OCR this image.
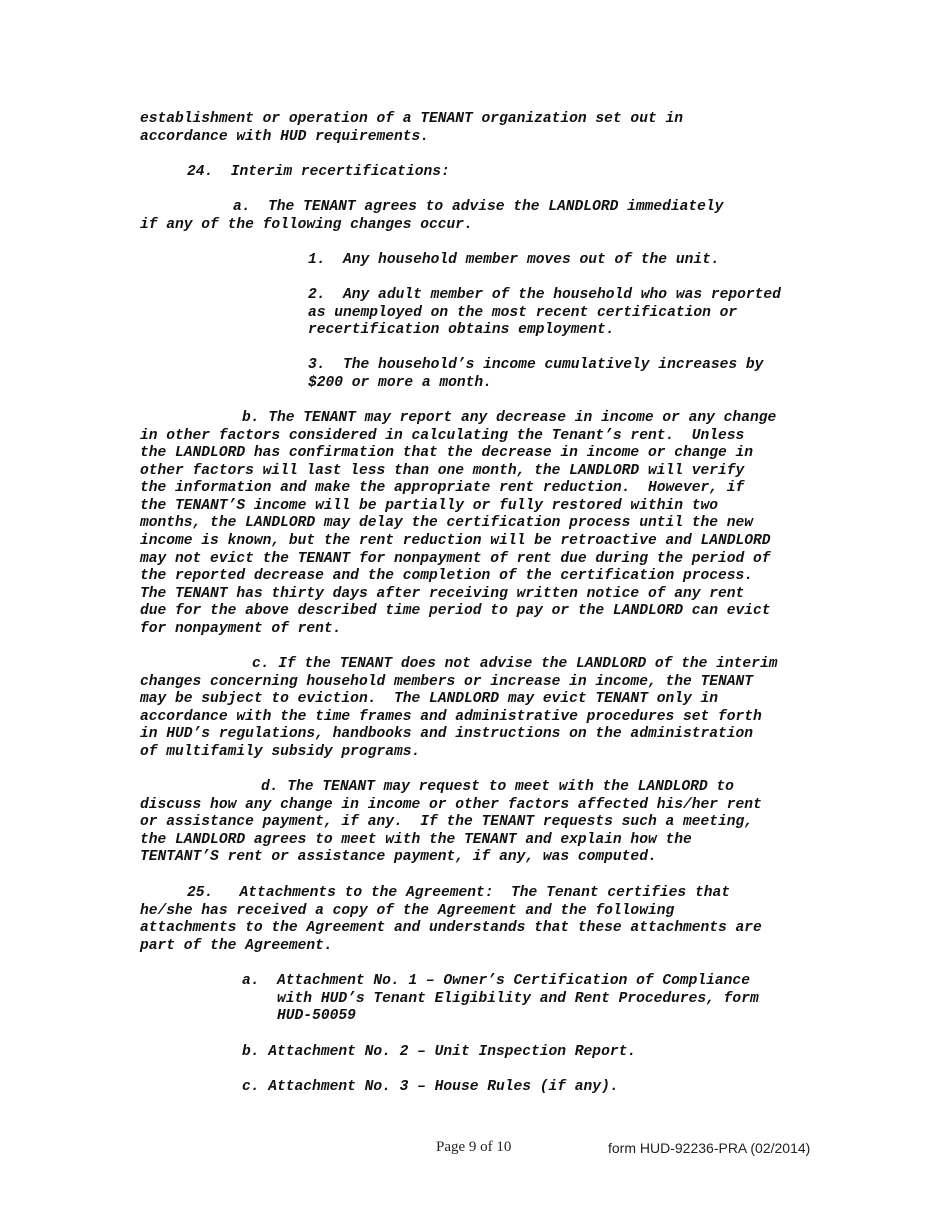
establishment or operation of a TENANT organization set out in
accordance with HUD requirements.
24.  Interim recertifications:
a.  The TENANT agrees to advise the LANDLORD immediately
if any of the following changes occur.
1.  Any household member moves out of the unit.
2.  Any adult member of the household who was reported
as unemployed on the most recent certification or
recertification obtains employment.
3.  The household’s income cumulatively increases by
$200 or more a month.
b. The TENANT may report any decrease in income or any change
in other factors considered in calculating the Tenant’s rent.  Unless
the LANDLORD has confirmation that the decrease in income or change in
other factors will last less than one month, the LANDLORD will verify
the information and make the appropriate rent reduction.  However, if
the TENANT’S income will be partially or fully restored within two
months, the LANDLORD may delay the certification process until the new
income is known, but the rent reduction will be retroactive and LANDLORD
may not evict the TENANT for nonpayment of rent due during the period of
the reported decrease and the completion of the certification process.
The TENANT has thirty days after receiving written notice of any rent
due for the above described time period to pay or the LANDLORD can evict
for nonpayment of rent.
c. If the TENANT does not advise the LANDLORD of the interim
changes concerning household members or increase in income, the TENANT
may be subject to eviction.  The LANDLORD may evict TENANT only in
accordance with the time frames and administrative procedures set forth
in HUD’s regulations, handbooks and instructions on the administration
of multifamily subsidy programs.
d. The TENANT may request to meet with the LANDLORD to
discuss how any change in income or other factors affected his/her rent
or assistance payment, if any.  If the TENANT requests such a meeting,
the LANDLORD agrees to meet with the TENANT and explain how the
TENTANT’S rent or assistance payment, if any, was computed.
25.   Attachments to the Agreement:  The Tenant certifies that
he/she has received a copy of the Agreement and the following
attachments to the Agreement and understands that these attachments are
part of the Agreement.
a.  Attachment No. 1 – Owner’s Certification of Compliance
with HUD’s Tenant Eligibility and Rent Procedures, form
HUD-50059
b. Attachment No. 2 – Unit Inspection Report.
c. Attachment No. 3 – House Rules (if any).
Page 9 of 10	form HUD-92236-PRA (02/2014)
